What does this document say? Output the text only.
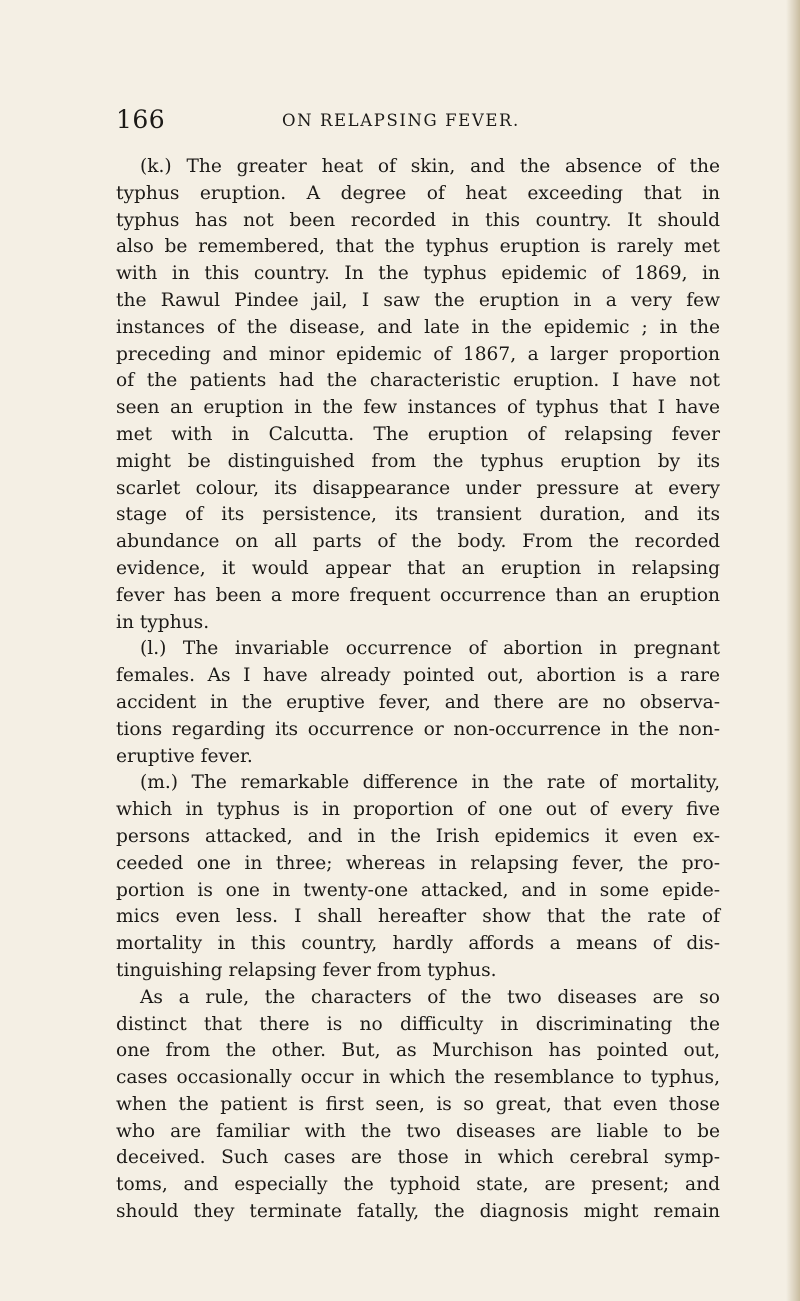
166	ON RELAPSING FEVER.
(k.) The greater heat of skin, and the absence of the
typhus eruption. A degree of heat exceeding that in
typhus has not been recorded in this country. It should
also be remembered, that the typhus eruption is rarely met
with in this country. In the typhus epidemic of 1869, in
the Rawul Pindee jail, I saw the eruption in a very few
instances of the disease, and late in the epidemic ; in the
preceding and minor epidemic of 1867, a larger proportion
of the patients had the characteristic eruption. I have not
seen an eruption in the few instances of typhus that I have
met with in Calcutta. The eruption of relapsing fever
might be distinguished from the typhus eruption by its
scarlet colour, its disappearance under pressure at every
stage of its persistence, its transient duration, and its
abundance on all parts of the body. From the recorded
evidence, it would appear that an eruption in relapsing
fever has been a more frequent occurrence than an eruption
in typhus.
(l.) The invariable occurrence of abortion in pregnant
females. As I have already pointed out, abortion is a rare
accident in the eruptive fever, and there are no observa-
tions regarding its occurrence or non-occurrence in the non-
eruptive fever.
(m.) The remarkable difference in the rate of mortality,
which in typhus is in proportion of one out of every five
persons attacked, and in the Irish epidemics it even ex-
ceeded one in three; whereas in relapsing fever, the pro-
portion is one in twenty-one attacked, and in some epide-
mics even less. I shall hereafter show that the rate of
mortality in this country, hardly affords a means of dis-
tinguishing relapsing fever from typhus.
As a rule, the characters of the two diseases are so
distinct that there is no difficulty in discriminating the
one from the other. But, as Murchison has pointed out,
cases occasionally occur in which the resemblance to typhus,
when the patient is first seen, is so great, that even those
who are familiar with the two diseases are liable to be
deceived. Such cases are those in which cerebral symp-
toms, and especially the typhoid state, are present; and
should they terminate fatally, the diagnosis might remain
